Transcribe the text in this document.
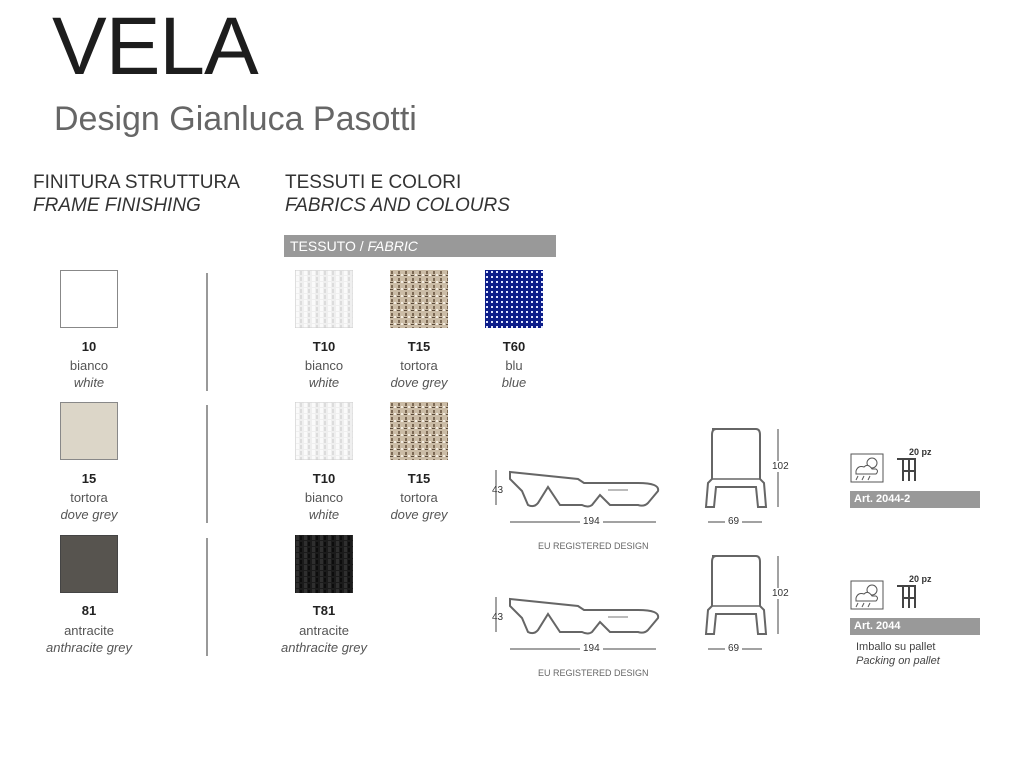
VELA
Design Gianluca Pasotti
FINITURA STRUTTURA
FRAME FINISHING
TESSUTI E COLORI
FABRICS AND COLOURS
TESSUTO / FABRIC
10
bianco
white
15
tortora
dove grey
81
antracite
anthracite grey
T10
bianco
white
T15
tortora
dove grey
T60
blu
blue
T10
bianco
white
T15
tortora
dove grey
T81
antracite
anthracite grey
43
194
EU REGISTERED DESIGN
102
69
20 pz
Art. 2044-2
43
194
EU REGISTERED DESIGN
102
69
20 pz
Art. 2044
Imballo su pallet
Packing on pallet
